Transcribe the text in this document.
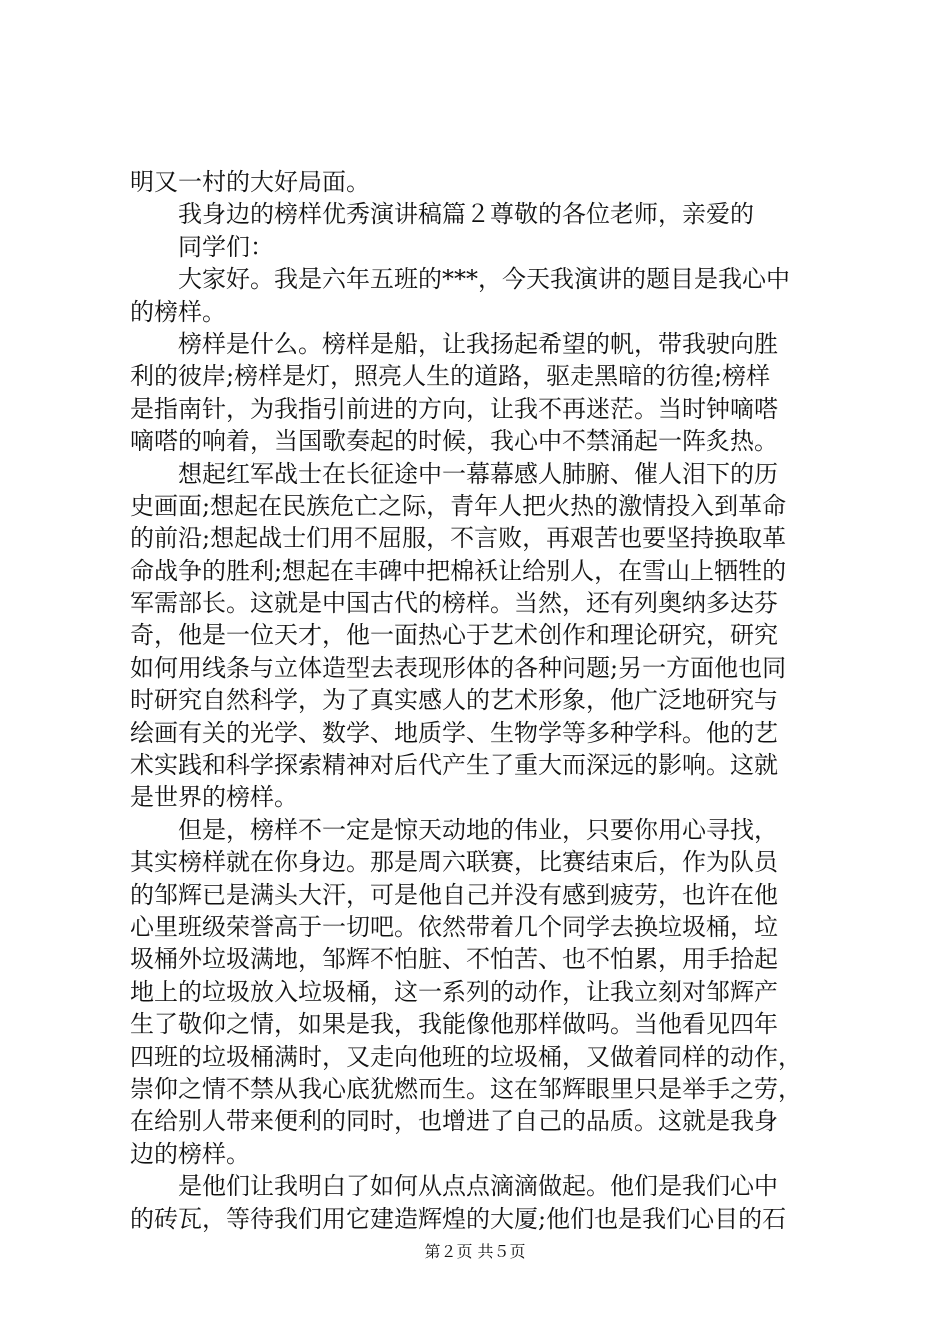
明又一村的大好局面。
　　我身边的榜样优秀演讲稿篇２尊敬的各位老师，亲爱的
　　同学们：
　　大家好。我是六年五班的***，今天我演讲的题目是我心中
的榜样。
　　榜样是什么。榜样是船，让我扬起希望的帆，带我驶向胜
利的彼岸;榜样是灯，照亮人生的道路，驱走黑暗的彷徨;榜样
是指南针，为我指引前进的方向，让我不再迷茫。当时钟嘀嗒
嘀嗒的响着，当国歌奏起的时候，我心中不禁涌起一阵炙热。
　　想起红军战士在长征途中一幕幕感人肺腑、催人泪下的历
史画面;想起在民族危亡之际，青年人把火热的激情投入到革命
的前沿;想起战士们用不屈服，不言败，再艰苦也要坚持换取革
命战争的胜利;想起在丰碑中把棉袄让给别人，在雪山上牺牲的
军需部长。这就是中国古代的榜样。当然，还有列奥纳多达芬
奇，他是一位天才，他一面热心于艺术创作和理论研究，研究
如何用线条与立体造型去表现形体的各种问题;另一方面他也同
时研究自然科学，为了真实感人的艺术形象，他广泛地研究与
绘画有关的光学、数学、地质学、生物学等多种学科。他的艺
术实践和科学探索精神对后代产生了重大而深远的影响。这就
是世界的榜样。
　　但是，榜样不一定是惊天动地的伟业，只要你用心寻找，
其实榜样就在你身边。那是周六联赛，比赛结束后，作为队员
的邹辉已是满头大汗，可是他自己并没有感到疲劳，也许在他
心里班级荣誉高于一切吧。依然带着几个同学去换垃圾桶，垃
圾桶外垃圾满地，邹辉不怕脏、不怕苦、也不怕累，用手拾起
地上的垃圾放入垃圾桶，这一系列的动作，让我立刻对邹辉产
生了敬仰之情，如果是我，我能像他那样做吗。当他看见四年
四班的垃圾桶满时，又走向他班的垃圾桶，又做着同样的动作，
崇仰之情不禁从我心底犹燃而生。这在邹辉眼里只是举手之劳，
在给别人带来便利的同时，也增进了自己的品质。这就是我身
边的榜样。
　　是他们让我明白了如何从点点滴滴做起。他们是我们心中
的砖瓦，等待我们用它建造辉煌的大厦;他们也是我们心目的石
第２页 共５页
